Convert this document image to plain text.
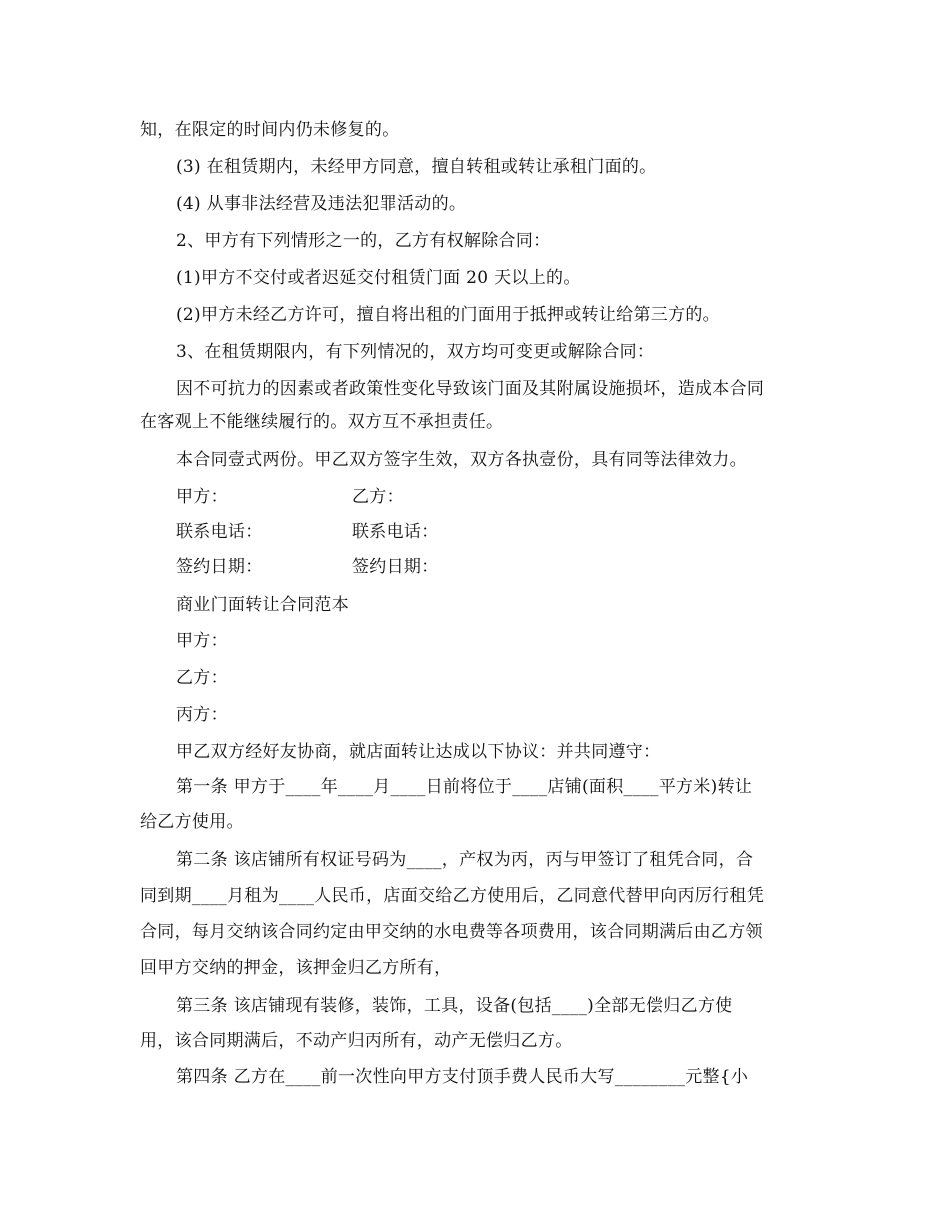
知，在限定的时间内仍未修复的。
(3) 在租赁期内，未经甲方同意，擅自转租或转让承租门面的。
(4) 从事非法经营及违法犯罪活动的。
2、甲方有下列情形之一的，乙方有权解除合同：
(1)甲方不交付或者迟延交付租赁门面 20 天以上的。
(2)甲方未经乙方许可，擅自将出租的门面用于抵押或转让给第三方的。
3、在租赁期限内，有下列情况的，双方均可变更或解除合同：
因不可抗力的因素或者政策性变化导致该门面及其附属设施损坏，造成本合同
在客观上不能继续履行的。双方互不承担责任。
本合同壹式两份。甲乙双方签字生效，双方各执壹份，具有同等法律效力。
甲方：	乙方：
联系电话：	联系电话：
签约日期：	签约日期：
商业门面转让合同范本
甲方：
乙方：
丙方：
甲乙双方经好友协商，就店面转让达成以下协议：并共同遵守：
第一条 甲方于____年____月____日前将位于____店铺(面积____平方米)转让
给乙方使用。
第二条 该店铺所有权证号码为____，产权为丙，丙与甲签订了租凭合同，合
同到期____月租为____人民币，店面交给乙方使用后，乙同意代替甲向丙厉行租凭
合同，每月交纳该合同约定由甲交纳的水电费等各项费用，该合同期满后由乙方领
回甲方交纳的押金，该押金归乙方所有，
第三条 该店铺现有装修，装饰，工具，设备(包括____)全部无偿归乙方使
用，该合同期满后，不动产归丙所有，动产无偿归乙方。
第四条 乙方在____前一次性向甲方支付顶手费人民币大写________元整{小
